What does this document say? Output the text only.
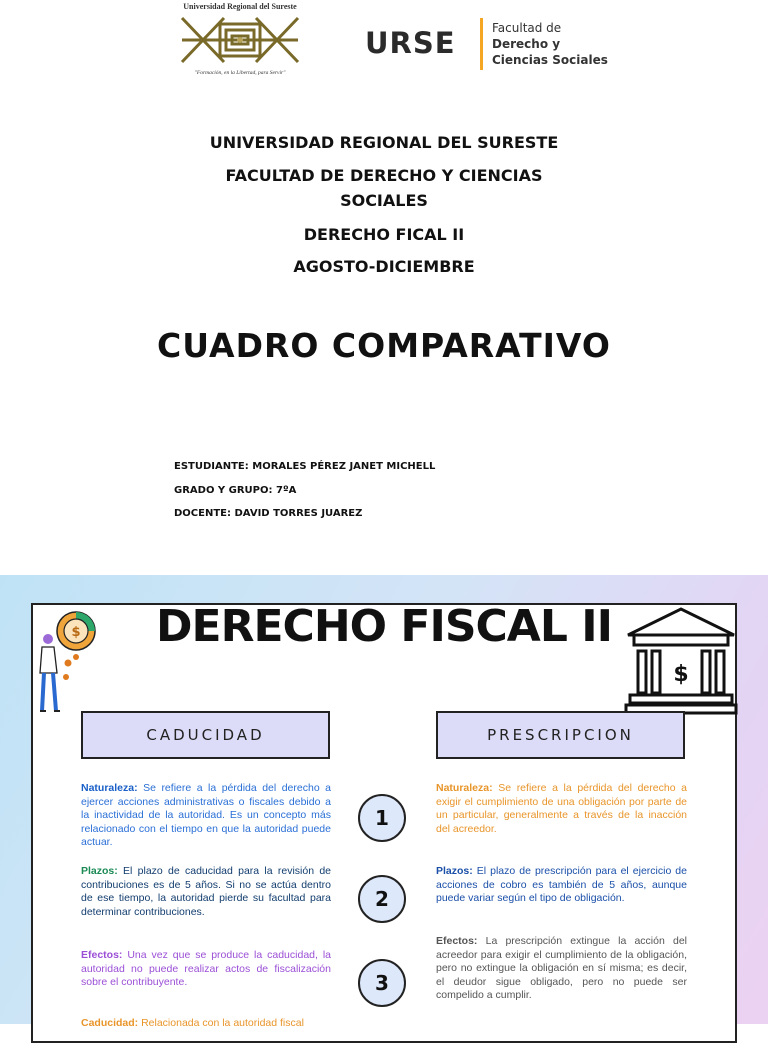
Universidad Regional del Sureste
"Formación, en la Libertad, para Servir"
URSE	Facultad de
Derecho y
Ciencias Sociales
UNIVERSIDAD REGIONAL DEL SURESTE
FACULTAD DE DERECHO Y CIENCIAS
SOCIALES
DERECHO FICAL II
AGOSTO-DICIEMBRE
CUADRO COMPARATIVO
ESTUDIANTE: MORALES PÉREZ JANET MICHELL
GRADO Y GRUPO: 7ºA
DOCENTE: DAVID TORRES JUAREZ
$
$
DERECHO FISCAL II
CADUCIDAD	PRESCRIPCION
Naturaleza: Se refiere a la pérdida del derecho a ejercer acciones administrativas o fiscales debido a la inactividad de la autoridad. Es un concepto más relacionado con el tiempo en que la autoridad puede actuar.
Plazos: El plazo de caducidad para la revisión de contribuciones es de 5 años. Si no se actúa dentro de ese tiempo, la autoridad pierde su facultad para determinar contribuciones.
Efectos: Una vez que se produce la caducidad, la autoridad no puede realizar actos de fiscalización sobre el contribuyente.
Caducidad: Relacionada con la autoridad fiscal
1
2
3
Naturaleza: Se refiere a la pérdida del derecho a exigir el cumplimiento de una obligación por parte de un particular, generalmente a través de la inacción del acreedor.
Plazos: El plazo de prescripción para el ejercicio de acciones de cobro es también de 5 años, aunque puede variar según el tipo de obligación.
Efectos: La prescripción extingue la acción del acreedor para exigir el cumplimiento de la obligación, pero no extingue la obligación en sí misma; es decir, el deudor sigue obligado, pero no puede ser compelido a cumplir.
